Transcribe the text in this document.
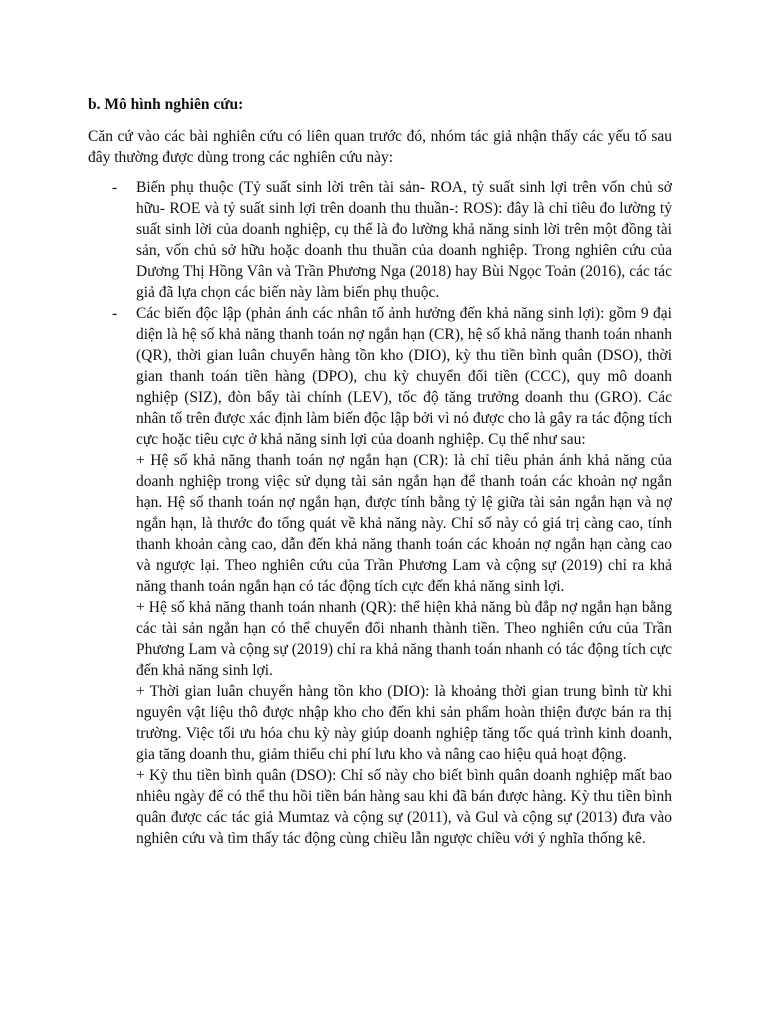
b. Mô hình nghiên cứu:

Căn cứ vào các bài nghiên cứu có liên quan trước đó, nhóm tác giả nhận thấy các yếu tố sau đây thường được dùng trong các nghiên cứu này:

- Biến phụ thuộc (Tỷ suất sinh lời trên tài sản- ROA, tỷ suất sinh lợi trên vốn chủ sở hữu- ROE và tỷ suất sinh lợi trên doanh thu thuần-: ROS): đây là chỉ tiêu đo lường tỷ suất sinh lời của doanh nghiệp, cụ thể là đo lường khả năng sinh lời trên một đồng tài sản, vốn chủ sở hữu hoặc doanh thu thuần của doanh nghiệp. Trong nghiên cứu của Dương Thị Hồng Vân và Trần Phương Nga (2018) hay Bùi Ngọc Toản (2016), các tác giả đã lựa chọn các biến này làm biến phụ thuộc.
- Các biến độc lập (phản ánh các nhân tố ảnh hưởng đến khả năng sinh lợi): gồm 9 đại diện là hệ số khả năng thanh toán nợ ngắn hạn (CR), hệ số khả năng thanh toán nhanh (QR), thời gian luân chuyển hàng tồn kho (DIO), kỳ thu tiền bình quân (DSO), thời gian thanh toán tiền hàng (DPO), chu kỳ chuyển đổi tiền (CCC), quy mô doanh nghiệp (SIZ), đòn bẩy tài chính (LEV), tốc độ tăng trưởng doanh thu (GRO). Các nhân tố trên được xác định làm biến độc lập bởi vì nó được cho là gây ra tác động tích cực hoặc tiêu cực ở khả năng sinh lợi của doanh nghiệp. Cụ thể như sau:
+ Hệ số khả năng thanh toán nợ ngắn hạn (CR): là chỉ tiêu phản ánh khả năng của doanh nghiệp trong việc sử dụng tài sản ngắn hạn để thanh toán các khoản nợ ngắn hạn. Hệ số thanh toán nợ ngắn hạn, được tính bằng tỷ lệ giữa tài sản ngắn hạn và nợ ngắn hạn, là thước đo tổng quát về khả năng này. Chỉ số này có giá trị càng cao, tính thanh khoản càng cao, dẫn đến khả năng thanh toán các khoản nợ ngắn hạn càng cao và ngược lại. Theo nghiên cứu của Trần Phương Lam và cộng sự (2019) chỉ ra khả năng thanh toán ngắn hạn có tác động tích cực đến khả năng sinh lợi.
+ Hệ số khả năng thanh toán nhanh (QR): thể hiện khả năng bù đắp nợ ngắn hạn bằng các tài sản ngắn hạn có thể chuyển đổi nhanh thành tiền. Theo nghiên cứu của Trần Phương Lam và cộng sự (2019) chỉ ra khả năng thanh toán nhanh có tác động tích cực đến khả năng sinh lợi.
+ Thời gian luân chuyển hàng tồn kho (DIO): là khoảng thời gian trung bình từ khi nguyên vật liệu thô được nhập kho cho đến khi sản phẩm hoàn thiện được bán ra thị trường. Việc tối ưu hóa chu kỳ này giúp doanh nghiệp tăng tốc quá trình kinh doanh, gia tăng doanh thu, giảm thiểu chi phí lưu kho và nâng cao hiệu quả hoạt động.
+ Kỳ thu tiền bình quân (DSO): Chỉ số này cho biết bình quân doanh nghiệp mất bao nhiêu ngày để có thể thu hồi tiền bán hàng sau khi đã bán được hàng. Kỳ thu tiền bình quân được các tác giả Mumtaz và cộng sự (2011), và Gul và cộng sự (2013) đưa vào nghiên cứu và tìm thấy tác động cùng chiều lẫn ngược chiều với ý nghĩa thống kê.
